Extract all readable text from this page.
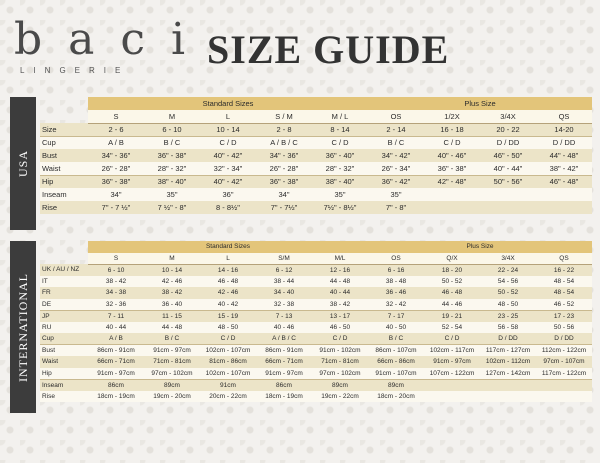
baci
LINGERIE SIZE GUIDE
USA
	Standard Sizes					Plus Size			
	S	M	L	S / M	M / L	OS	1/2X	3/4X	QS
Size	2 - 6	6 - 10	10 - 14	2 - 8	8 - 14	2 - 14	16 - 18	20 - 22	14-20
Cup	A / B	B / C	C / D	A / B / C	C / D	B / C	C / D	D / DD	D / DD
Bust	34" - 36"	36" - 38"	40" - 42"	34" - 36"	36" - 40"	34" - 42"	40" - 46"	46" - 50"	44" - 48"
Waist	26" - 28"	28" - 32"	32" - 34"	26" - 28"	28" - 32"	26" - 34"	36" - 38"	40" - 44"	38" - 42"
Hip	36" - 38"	38" - 40"	40" - 42"	36" - 38"	38" - 40"	36" - 42"	42" - 48"	50" - 56"	46" - 48"
Inseam	34"	35"	36"	34"	35"	35"			
Rise	7" - 7 ½"	7 ½" - 8"	8 - 8½"	7" - 7½"	7½" - 8½"	7" - 8"			
INTERNATIONAL
	Standard Sizes					Plus Size			
	S	M	L	S/M	M/L	OS	Q/X	3/4X	QS
UK / AU / NZ	6 - 10	10 - 14	14 - 16	6 - 12	12 - 16	6 - 16	18 - 20	22 - 24	16 - 22
IT	38 - 42	42 - 46	46 - 48	38 - 44	44 - 48	38 - 48	50 - 52	54 - 56	48 - 54
FR	34 - 38	38 - 42	42 - 46	34 - 40	40 - 44	36 - 46	46 - 48	50 - 52	48 - 54
DE	32 - 36	36 - 40	40 - 42	32 - 38	38 - 42	32 - 42	44 - 46	48 - 50	46 - 52
JP	7 - 11	11 - 15	15 - 19	7 - 13	13 - 17	7 - 17	19 - 21	23 - 25	17 - 23
RU	40 - 44	44 - 48	48 - 50	40 - 46	46 - 50	40 - 50	52 - 54	56 - 58	50 - 56
Cup	A / B	B / C	C / D	A / B / C	C / D	B / C	C / D	D / DD	D / DD
Bust	86cm - 91cm	91cm - 97cm	102cm - 107cm	86cm - 91cm	91cm - 102cm	86cm - 107cm	102cm - 117cm	117cm - 127cm	112cm - 122cm
Waist	66cm - 71cm	71cm - 81cm	81cm - 86cm	66cm - 71cm	71cm - 81cm	66cm - 86cm	91cm - 97cm	102cm - 112cm	97cm - 107cm
Hip	91cm - 97cm	97cm - 102cm	102cm - 107cm	91cm - 97cm	97cm - 102cm	91cm - 107cm	107cm - 122cm	127cm - 142cm	117cm - 122cm
Inseam	86cm	89cm	91cm	86cm	89cm	89cm			
Rise	18cm - 19cm	19cm - 20cm	20cm - 22cm	18cm - 19cm	19cm - 22cm	18cm - 20cm			
